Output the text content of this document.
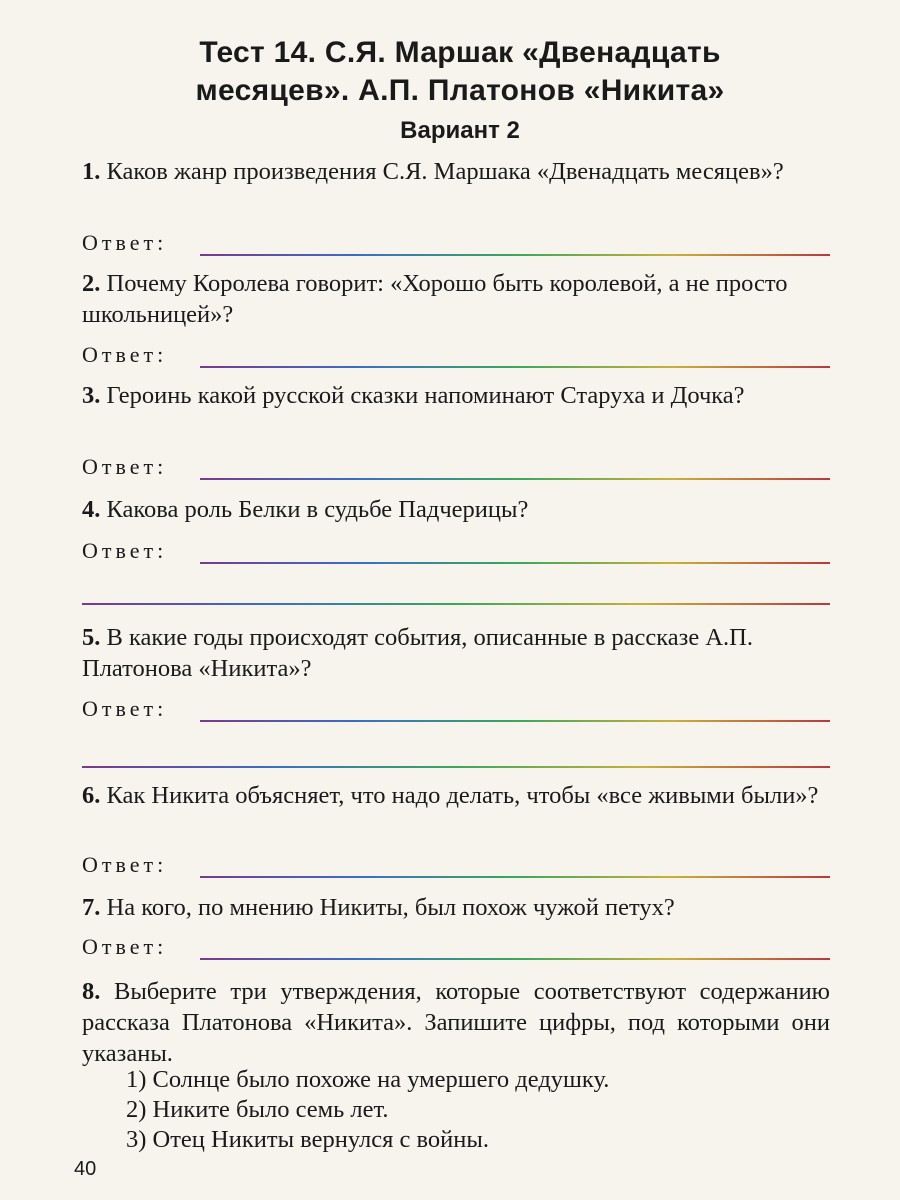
Тест 14. С.Я. Маршак «Двенадцать
месяцев». А.П. Платонов «Никита»
Вариант 2
1. Каков жанр произведения С.Я. Маршака «Двенадцать месяцев»?
Ответ:
2. Почему Королева говорит: «Хорошо быть королевой, а не просто школьницей»?
Ответ:
3. Героинь какой русской сказки напоминают Старуха и Дочка?
Ответ:
4. Какова роль Белки в судьбе Падчерицы?
Ответ:
5. В какие годы происходят события, описанные в рассказе А.П. Платонова «Никита»?
Ответ:
6. Как Никита объясняет, что надо делать, чтобы «все живыми были»?
Ответ:
7. На кого, по мнению Никиты, был похож чужой петух?
Ответ:
8. Выберите три утверждения, которые соответствуют содержанию рассказа Платонова «Никита». Запишите цифры, под которыми они указаны.
1) Солнце было похоже на умершего дедушку.
2) Никите было семь лет.
3) Отец Никиты вернулся с войны.
40
